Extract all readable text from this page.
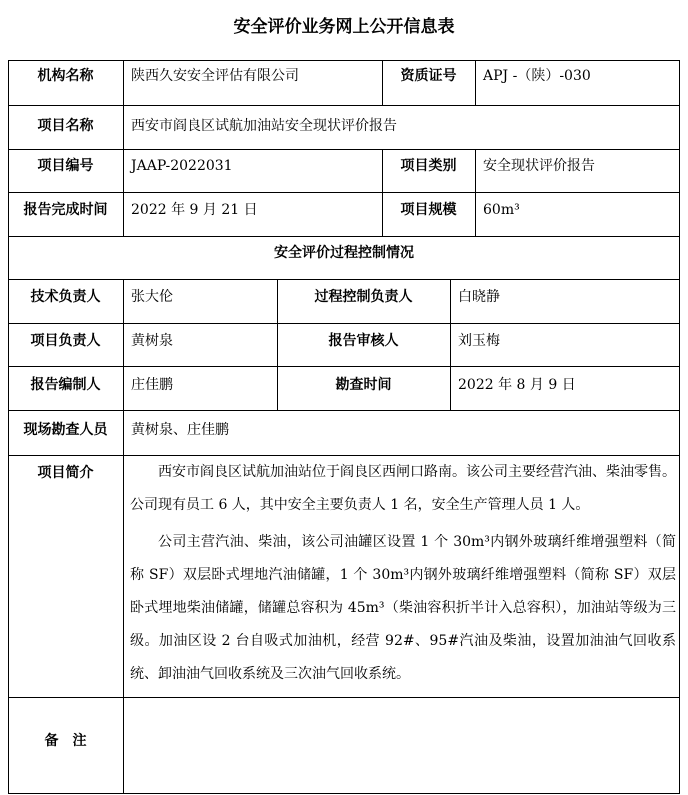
安全评价业务网上公开信息表
机构名称	陕西久安安全评估有限公司	资质证号	APJ -（陕）-030
项目名称	西安市阎良区试航加油站安全现状评价报告
项目编号	JAAP-2022031	项目类别	安全现状评价报告
报告完成时间	2022 年 9 月 21 日	项目规模	60m³
安全评价过程控制情况
技术负责人	张大伦	过程控制负责人	白晓静
项目负责人	黄树泉	报告审核人	刘玉梅
报告编制人	庄佳鹏	勘查时间	2022 年 8 月 9 日
现场勘查人员	黄树泉、庄佳鹏
项目简介	西安市阎良区试航加油站位于阎良区西闸口路南。该公司主要经营汽油、柴油零售。公司现有员工 6 人，其中安全主要负责人 1 名，安全生产管理人员 1 人。
公司主营汽油、柴油，该公司油罐区设置 1 个 30m³内钢外玻璃纤维增强塑料（简称 SF）双层卧式埋地汽油储罐，1 个 30m³内钢外玻璃纤维增强塑料（简称 SF）双层卧式埋地柴油储罐，储罐总容积为 45m³（柴油容积折半计入总容积），加油站等级为三级。加油区设 2 台自吸式加油机，经营 92#、95#汽油及柴油，设置加油油气回收系统、卸油油气回收系统及三次油气回收系统。
备　注
